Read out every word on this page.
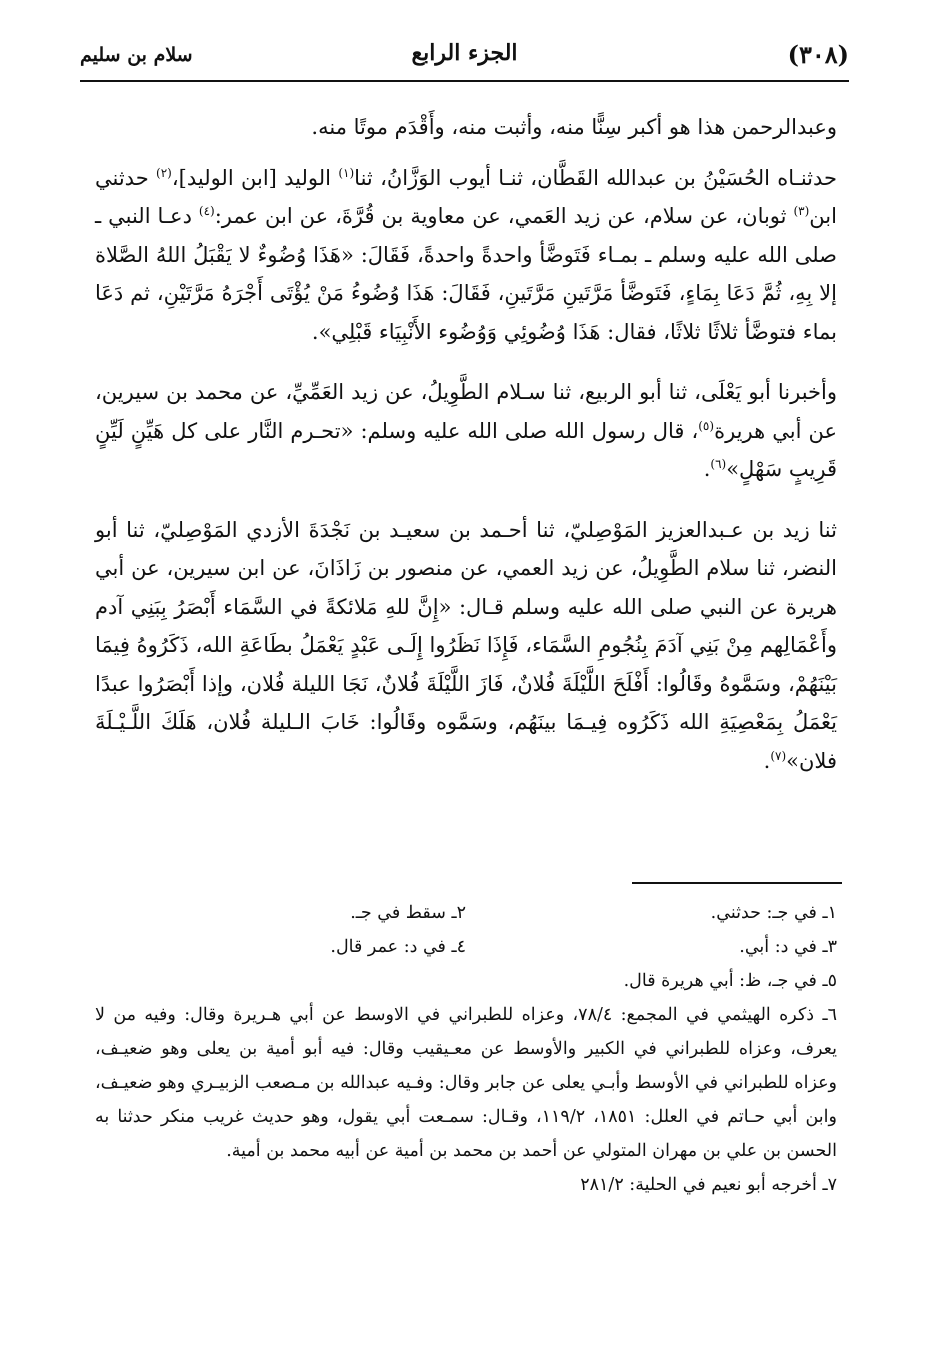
(٣٠٨)
الجزء الرابع
سلام بن سليم

وعبدالرحمن هذا هو أكبر سِنًّا منه، وأثبت منه، وأَقْدَم موتًا منه.

حدثنـاه الحُسَيْنُ بن عبدالله القَطَّان، ثنـا أيوب الوَزَّانُ، ثنا$^{(١)}$ الوليد [ابن الوليد]،$^{(٢)}$ حدثني ابن$^{(٣)}$ ثوبان، عن سلام، عن زيد العَمي، عن معاوية بن قُرَّةَ، عن ابن عمر:$^{(٤)}$ دعـا النبي ـ صلى الله عليه وسلم ـ بمـاء فَتَوضَّأ واحدةً واحدةً، فَقَالَ: «هَذَا وُضُوءٌ لا يَقْبَلُ اللهُ الصَّلاة إلا بِهِ، ثُمَّ دَعَا بِمَاءٍ، فَتَوضَّأ مَرَّتَينِ مَرَّتَينِ، فَقَالَ: هَذَا وُضُوءُ مَنْ يُؤْتَى أَجْرَهُ مَرَّتَيْنِ، ثم دَعَا بماء فتوضَّأ ثلاثًا ثلاثًا، فقال: هَذَا وُضُوئِي وَوُضُوء الأَنْبِيَاء قَبْلِي».

وأخبرنا أبو يَعْلَى، ثنا أبو الربيع، ثنا سـلام الطَّوِيلُ، عن زيد العَمِّيِّ، عن محمد بن سيرين، عن أبي هريرة$^{(٥)}$، قال رسول الله صلى الله عليه وسلم: «تحـرم النَّار على كل هَيِّنٍ لَيِّنٍ قَرِيبٍ سَهْلٍ»$^{(٦)}$.

ثنا زيد بن عـبدالعزيز المَوْصِليّ، ثنا أحـمد بن سعيـد بن نَجْدَةَ الأزدي المَوْصِليّ، ثنا أبو النضر، ثنا سلام الطَّوِيلُ، عن زيد العمي، عن منصور بن زَاذَانَ، عن ابن سيرين، عن أبي هريرة عن النبي صلى الله عليه وسلم قـال: «إِنَّ للهِ مَلائكةً في السَّمَاء أَبْصَرُ بِبَنِي آدم وأَعْمَالِهم مِنْ بَنِي آدَمَ بِنُجُومِ السَّمَاء، فَإِذَا نَظَرُوا إِلَـى عَبْدٍ يَعْمَلُ بطَاعَةِ الله، ذَكَرُوهُ فِيمَا بَيْنَهُمْ، وسَمَّوهُ وقَالُوا: أَفْلَحَ اللَّيْلَةَ فُلانٌ، فَازَ اللَّيْلَةَ فُلانٌ، نَجَا الليلة فُلان، وإذا أَبْصَرُوا عبدًا يَعْمَلُ بِمَعْصِيَةِ الله ذَكَرُوه فِيـمَا بينَهُم، وسَمَّوه وقَالُوا: خَابَ الـليلة فُلان، هَلَكَ اللَّـيْـلَةَ فلان»$^{(٧)}$.

١ـ في جـ: حدثني.
٢ـ سقط في جـ.
٣ـ في د: أبي.
٤ـ في د: عمر قال.

٥ـ في جـ، ظ: أبي هريرة قال.

٦ـ ذكره الهيثمي في المجمع: ٧٨/٤، وعزاه للطبراني في الاوسط عن أبي هـريرة وقال: وفيه من لا يعرف، وعزاه للطبراني في الكبير والأوسط عن معـيقيب وقال: فيه أبو أمية بن يعلى وهو ضعيـف، وعزاه للطبراني في الأوسط وأبـي يعلى عن جابر وقال: وفـيه عبدالله بن مـصعب الزبيـري وهو ضعيـف، وابن أبي حـاتم في العلل: ١٨٥١، ١١٩/٢، وقـال: سمـعت أبي يقول، وهو حديث غريب منكر حدثنا به الحسن بن علي بن مهران المتولي عن أحمد بن محمد بن أمية عن أبيه محمد بن أمية.

٧ـ أخرجه أبو نعيم في الحلية: ٢٨١/٢
